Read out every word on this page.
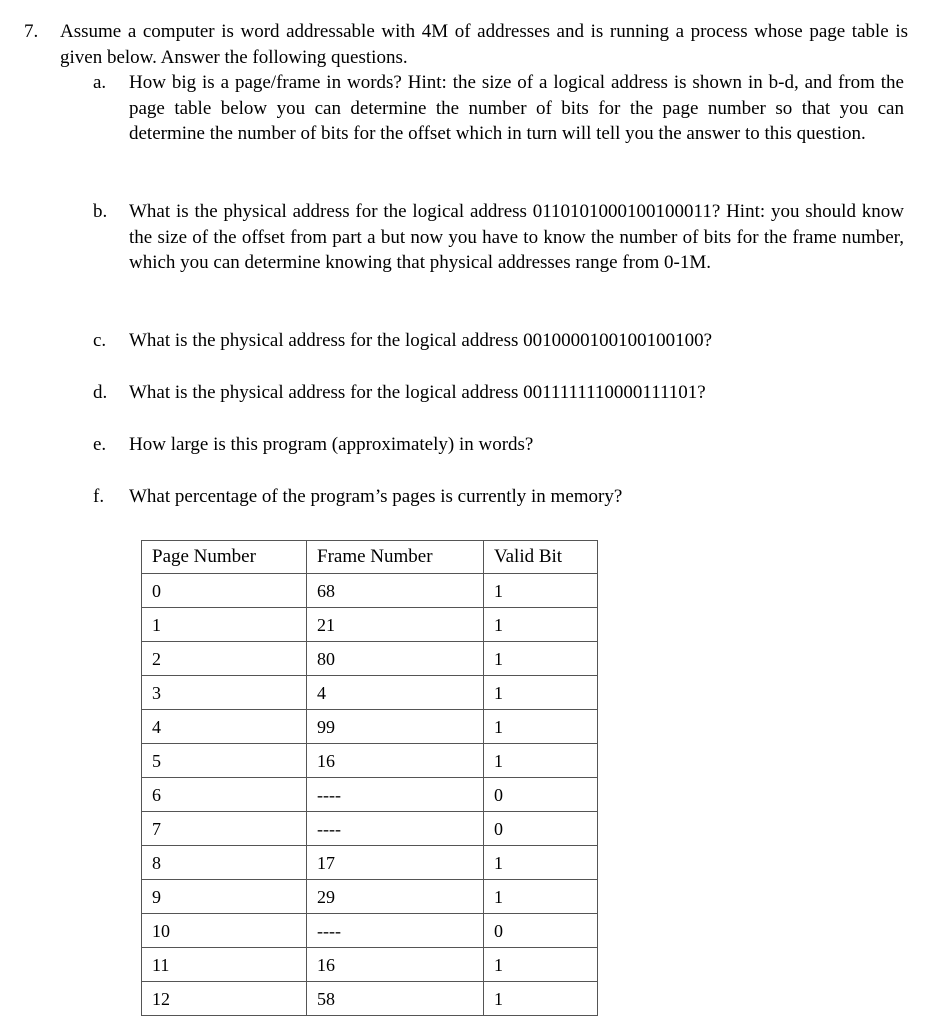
7. Assume a computer is word addressable with 4M of addresses and is running a process whose page table is given below. Answer the following questions.
a. How big is a page/frame in words? Hint: the size of a logical address is shown in b-d, and from the page table below you can determine the number of bits for the page number so that you can determine the number of bits for the offset which in turn will tell you the answer to this question.
b. What is the physical address for the logical address 0110101000100100011? Hint: you should know the size of the offset from part a but now you have to know the number of bits for the frame number, which you can determine knowing that physical addresses range from 0-1M.
c. What is the physical address for the logical address 0010000100100100100?
d. What is the physical address for the logical address 0011111110000111101?
e. How large is this program (approximately) in words?
f. What percentage of the program’s pages is currently in memory?
Page Number	Frame Number	Valid Bit
0	68	1
1	21	1
2	80	1
3	4	1
4	99	1
5	16	1
6	----	0
7	----	0
8	17	1
9	29	1
10	----	0
11	16	1
12	58	1
